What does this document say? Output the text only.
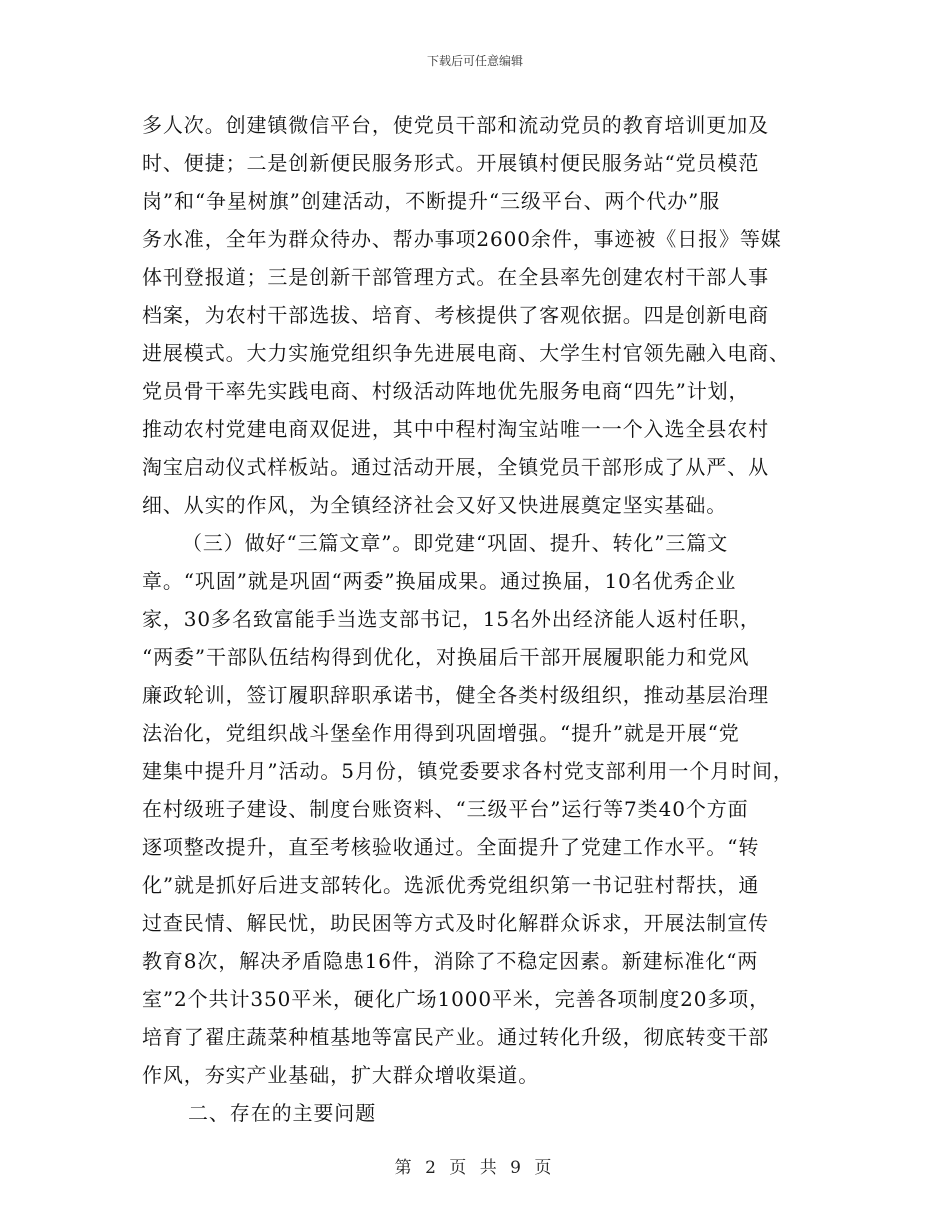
下载后可任意编辑
多人次。创建镇微信平台，使党员干部和流动党员的教育培训更加及
时、便捷；二是创新便民服务形式。开展镇村便民服务站“党员模范
岗”和“争星树旗”创建活动，不断提升“三级平台、两个代办”服
务水准，全年为群众待办、帮办事项2600余件，事迹被《日报》等媒
体刊登报道；三是创新干部管理方式。在全县率先创建农村干部人事
档案，为农村干部选拔、培育、考核提供了客观依据。四是创新电商
进展模式。大力实施党组织争先进展电商、大学生村官领先融入电商、
党员骨干率先实践电商、村级活动阵地优先服务电商“四先”计划，
推动农村党建电商双促进，其中中程村淘宝站唯一一个入选全县农村
淘宝启动仪式样板站。通过活动开展，全镇党员干部形成了从严、从
细、从实的作风，为全镇经济社会又好又快进展奠定坚实基础。
（三）做好“三篇文章”。即党建“巩固、提升、转化”三篇文
章。“巩固”就是巩固“两委”换届成果。通过换届，10名优秀企业
家，30多名致富能手当选支部书记，15名外出经济能人返村任职，
“两委”干部队伍结构得到优化，对换届后干部开展履职能力和党风
廉政轮训，签订履职辞职承诺书，健全各类村级组织，推动基层治理
法治化，党组织战斗堡垒作用得到巩固增强。“提升”就是开展“党
建集中提升月”活动。5月份，镇党委要求各村党支部利用一个月时间，
在村级班子建设、制度台账资料、“三级平台”运行等7类40个方面
逐项整改提升，直至考核验收通过。全面提升了党建工作水平。“转
化”就是抓好后进支部转化。选派优秀党组织第一书记驻村帮扶，通
过查民情、解民忧，助民困等方式及时化解群众诉求，开展法制宣传
教育8次，解决矛盾隐患16件，消除了不稳定因素。新建标准化“两
室”2个共计350平米，硬化广场1000平米，完善各项制度20多项，
培育了翟庄蔬菜种植基地等富民产业。通过转化升级，彻底转变干部
作风，夯实产业基础，扩大群众增收渠道。
二、存在的主要问题
第 2 页 共 9 页
